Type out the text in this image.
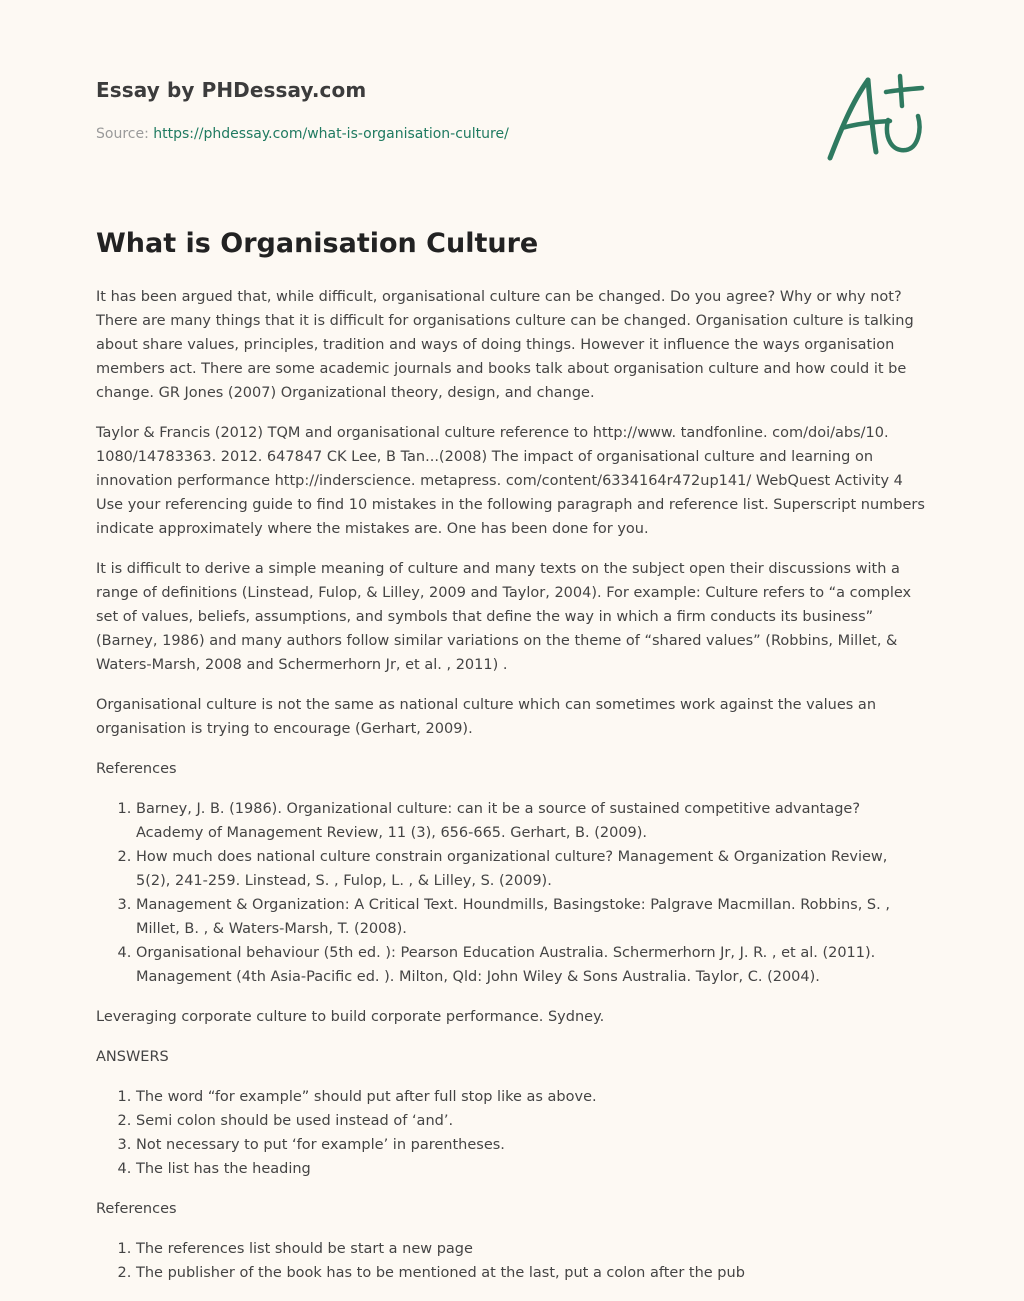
Essay by PHDessay.com
Source: https://phdessay.com/what-is-organisation-culture/
What is Organisation Culture

It has been argued that, while difficult, organisational culture can be changed. Do you agree? Why or why not? There are many things that it is difficult for organisations culture can be changed. Organisation culture is talking about share values, principles, tradition and ways of doing things. However it influence the ways organisation members act. There are some academic journals and books talk about organisation culture and how could it be change. GR Jones (2007) Organizational theory, design, and change.

Taylor & Francis (2012) TQM and organisational culture reference to http://www. tandfonline. com/doi/abs/10. 1080/14783363. 2012. 647847 CK Lee, B Tan...(2008) The impact of organisational culture and learning on innovation performance http://inderscience. metapress. com/content/6334164r472up141/ WebQuest Activity 4 Use your referencing guide to find 10 mistakes in the following paragraph and reference list. Superscript numbers indicate approximately where the mistakes are. One has been done for you.

It is difficult to derive a simple meaning of culture and many texts on the subject open their discussions with a range of definitions (Linstead, Fulop, & Lilley, 2009 and Taylor, 2004). For example: Culture refers to “a complex set of values, beliefs, assumptions, and symbols that define the way in which a firm conducts its business” (Barney, 1986) and many authors follow similar variations on the theme of “shared values” (Robbins, Millet, & Waters-Marsh, 2008 and Schermerhorn Jr, et al. , 2011) .

Organisational culture is not the same as national culture which can sometimes work against the values an organisation is trying to encourage (Gerhart, 2009).

References

1. Barney, J. B. (1986). Organizational culture: can it be a source of sustained competitive advantage? Academy of Management Review, 11 (3), 656-665. Gerhart, B. (2009).
2. How much does national culture constrain organizational culture? Management & Organization Review, 5(2), 241-259. Linstead, S. , Fulop, L. , & Lilley, S. (2009).
3. Management & Organization: A Critical Text. Houndmills, Basingstoke: Palgrave Macmillan. Robbins, S. , Millet, B. , & Waters-Marsh, T. (2008).
4. Organisational behaviour (5th ed. ): Pearson Education Australia. Schermerhorn Jr, J. R. , et al. (2011). Management (4th Asia-Pacific ed. ). Milton, Qld: John Wiley & Sons Australia. Taylor, C. (2004).

Leveraging corporate culture to build corporate performance. Sydney.

ANSWERS

1. The word “for example” should put after full stop like as above.
2. Semi colon should be used instead of ‘and’.
3. Not necessary to put ‘for example’ in parentheses.
4. The list has the heading

References

1. The references list should be start a new page
2. The publisher of the book has to be mentioned at the last, put a colon after the pub
